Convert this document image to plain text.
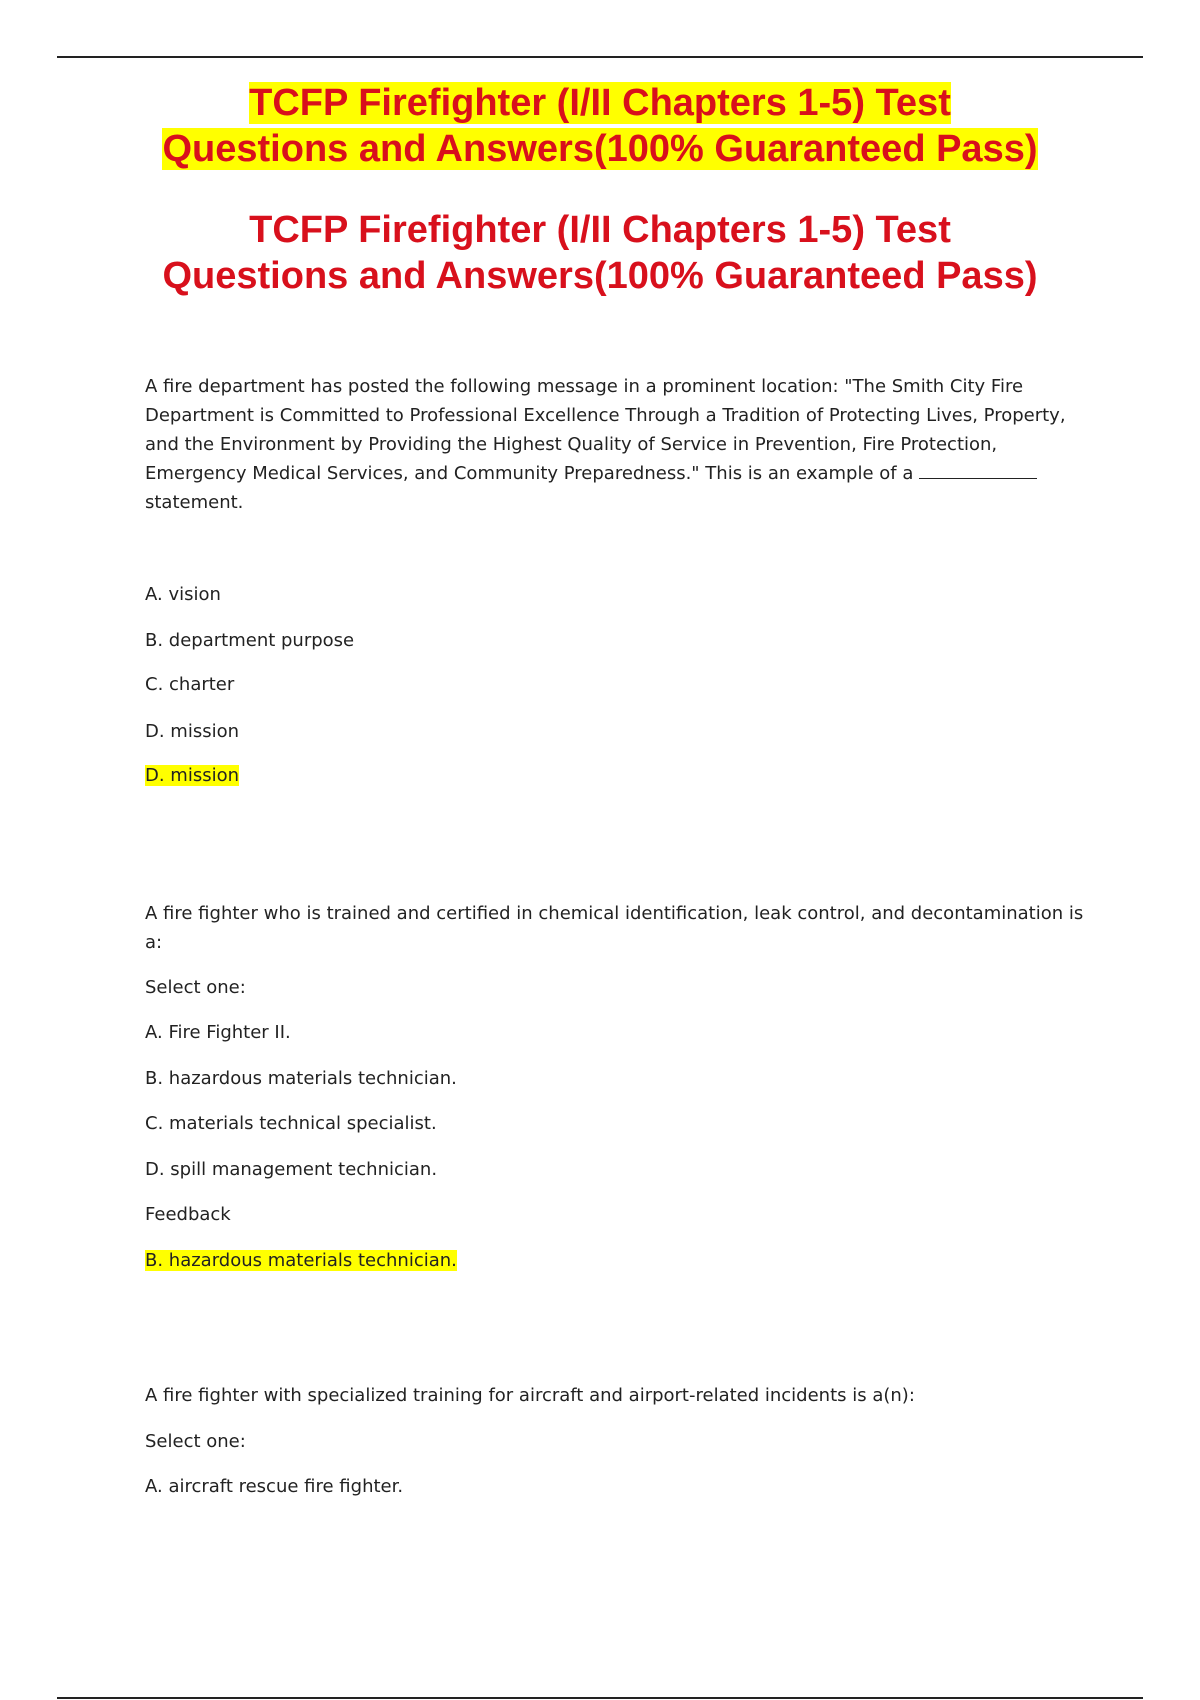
TCFP Firefighter (I/II Chapters 1-5) Test
Questions and Answers(100% Guaranteed Pass)
TCFP Firefighter (I/II Chapters 1-5) Test
Questions and Answers(100% Guaranteed Pass)

A fire department has posted the following message in a prominent location: "The Smith City Fire Department is Committed to Professional Excellence Through a Tradition of Protecting Lives, Property, and the Environment by Providing the Highest Quality of Service in Prevention, Fire Protection, Emergency Medical Services, and Community Preparedness." This is an example of a  statement.

A. vision

B. department purpose

C. charter

D. mission

D. mission

A fire fighter who is trained and certified in chemical identification, leak control, and decontamination is a:

Select one:

A. Fire Fighter II.

B. hazardous materials technician.

C. materials technical specialist.

D. spill management technician.

Feedback

B. hazardous materials technician.

A fire fighter with specialized training for aircraft and airport-related incidents is a(n):

Select one:

A. aircraft rescue fire fighter.
